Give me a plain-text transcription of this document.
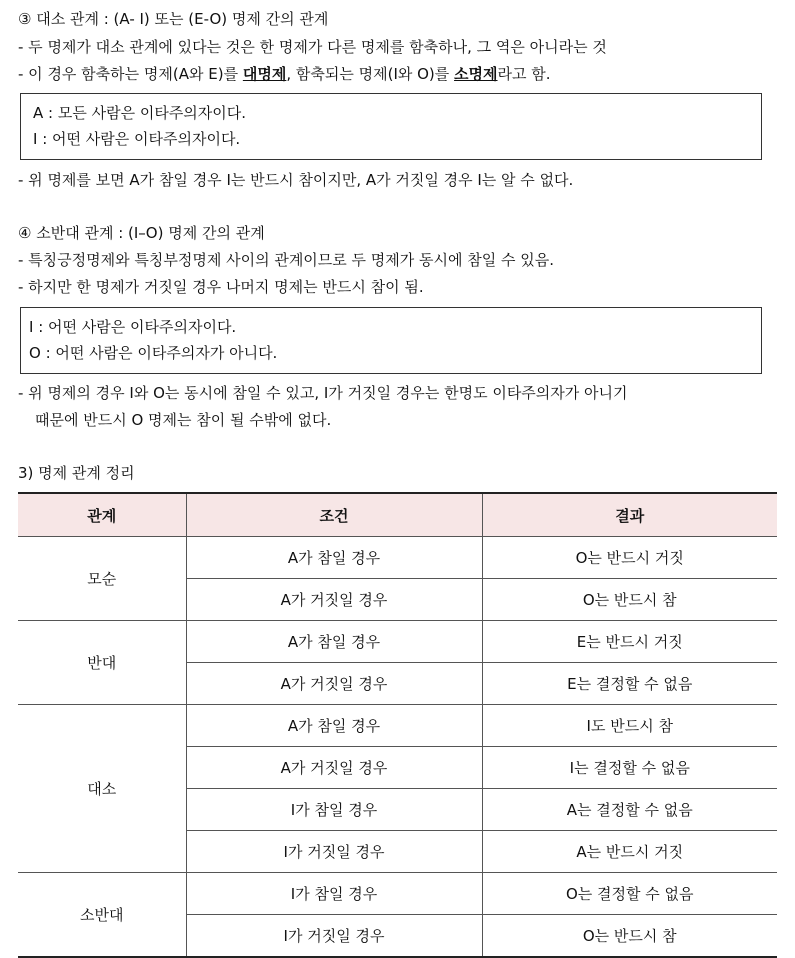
③ 대소 관계 : (A- I) 또는 (E-O) 명제 간의 관계
- 두 명제가 대소 관계에 있다는 것은 한 명제가 다른 명제를 함축하나, 그 역은 아니라는 것
- 이 경우 함축하는 명제(A와 E)를 대명제, 함축되는 명제(I와 O)를 소명제라고 함.
A : 모든 사람은 이타주의자이다.
I : 어떤 사람은 이타주의자이다.
- 위 명제를 보면 A가 참일 경우 I는 반드시 참이지만, A가 거짓일 경우 I는 알 수 없다.
④ 소반대 관계 : (I–O) 명제 간의 관계
- 특칭긍정명제와 특칭부정명제 사이의 관계이므로 두 명제가 동시에 참일 수 있음.
- 하지만 한 명제가 거짓일 경우 나머지 명제는 반드시 참이 됨.
I : 어떤 사람은 이타주의자이다.
O : 어떤 사람은 이타주의자가 아니다.
- 위 명제의 경우 I와 O는 동시에 참일 수 있고, I가 거짓일 경우는 한명도 이타주의자가 아니기
때문에 반드시 O 명제는 참이 될 수밖에 없다.
3) 명제 관계 정리
관계	조건	결과
모순	A가 참일 경우	O는 반드시 거짓
	A가 거짓일 경우	O는 반드시 참
반대	A가 참일 경우	E는 반드시 거짓
	A가 거짓일 경우	E는 결정할 수 없음
대소	A가 참일 경우	I도 반드시 참
	A가 거짓일 경우	I는 결정할 수 없음
	I가 참일 경우	A는 결정할 수 없음
	I가 거짓일 경우	A는 반드시 거짓
소반대	I가 참일 경우	O는 결정할 수 없음
	I가 거짓일 경우	O는 반드시 참
